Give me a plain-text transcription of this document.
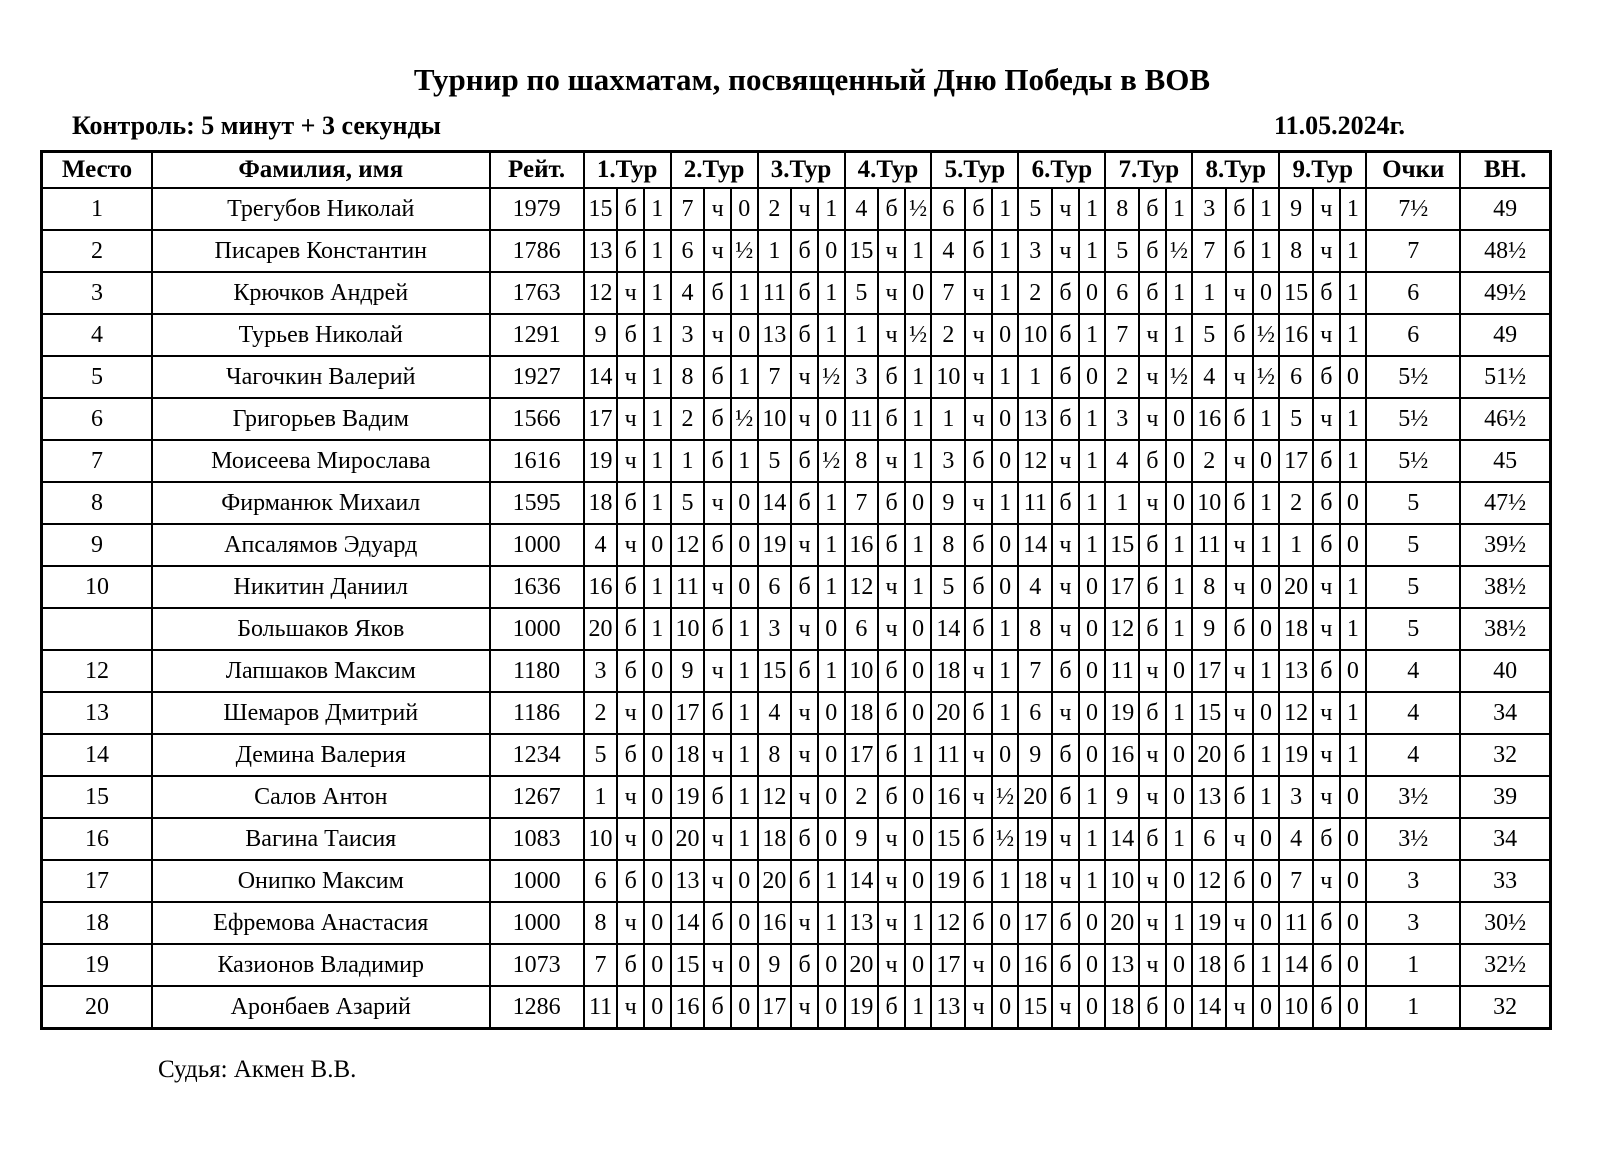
Турнир по шахматам, посвященный Дню Победы в ВОВ
Контроль: 5 минут + 3 секунды	11.05.2024г.
Место	Фамилия, имя	Рейт.	1.Тур			2.Тур			3.Тур			4.Тур			5.Тур			6.Тур			7.Тур			8.Тур			9.Тур			Очки	ВН.
1	Трегубов Николай	1979	15	б	1	7	ч	0	2	ч	1	4	б	½	6	б	1	5	ч	1	8	б	1	3	б	1	9	ч	1	7½	49
2	Писарев Константин	1786	13	б	1	6	ч	½	1	б	0	15	ч	1	4	б	1	3	ч	1	5	б	½	7	б	1	8	ч	1	7	48½
3	Крючков Андрей	1763	12	ч	1	4	б	1	11	б	1	5	ч	0	7	ч	1	2	б	0	6	б	1	1	ч	0	15	б	1	6	49½
4	Турьев Николай	1291	9	б	1	3	ч	0	13	б	1	1	ч	½	2	ч	0	10	б	1	7	ч	1	5	б	½	16	ч	1	6	49
5	Чагочкин Валерий	1927	14	ч	1	8	б	1	7	ч	½	3	б	1	10	ч	1	1	б	0	2	ч	½	4	ч	½	6	б	0	5½	51½
6	Григорьев Вадим	1566	17	ч	1	2	б	½	10	ч	0	11	б	1	1	ч	0	13	б	1	3	ч	0	16	б	1	5	ч	1	5½	46½
7	Моисеева Мирослава	1616	19	ч	1	1	б	1	5	б	½	8	ч	1	3	б	0	12	ч	1	4	б	0	2	ч	0	17	б	1	5½	45
8	Фирманюк Михаил	1595	18	б	1	5	ч	0	14	б	1	7	б	0	9	ч	1	11	б	1	1	ч	0	10	б	1	2	б	0	5	47½
9	Апсалямов Эдуард	1000	4	ч	0	12	б	0	19	ч	1	16	б	1	8	б	0	14	ч	1	15	б	1	11	ч	1	1	б	0	5	39½
10	Никитин Даниил	1636	16	б	1	11	ч	0	6	б	1	12	ч	1	5	б	0	4	ч	0	17	б	1	8	ч	0	20	ч	1	5	38½
	Большаков Яков	1000	20	б	1	10	б	1	3	ч	0	6	ч	0	14	б	1	8	ч	0	12	б	1	9	б	0	18	ч	1	5	38½
12	Лапшаков Максим	1180	3	б	0	9	ч	1	15	б	1	10	б	0	18	ч	1	7	б	0	11	ч	0	17	ч	1	13	б	0	4	40
13	Шемаров Дмитрий	1186	2	ч	0	17	б	1	4	ч	0	18	б	0	20	б	1	6	ч	0	19	б	1	15	ч	0	12	ч	1	4	34
14	Демина Валерия	1234	5	б	0	18	ч	1	8	ч	0	17	б	1	11	ч	0	9	б	0	16	ч	0	20	б	1	19	ч	1	4	32
15	Салов Антон	1267	1	ч	0	19	б	1	12	ч	0	2	б	0	16	ч	½	20	б	1	9	ч	0	13	б	1	3	ч	0	3½	39
16	Вагина Таисия	1083	10	ч	0	20	ч	1	18	б	0	9	ч	0	15	б	½	19	ч	1	14	б	1	6	ч	0	4	б	0	3½	34
17	Онипко Максим	1000	6	б	0	13	ч	0	20	б	1	14	ч	0	19	б	1	18	ч	1	10	ч	0	12	б	0	7	ч	0	3	33
18	Ефремова Анастасия	1000	8	ч	0	14	б	0	16	ч	1	13	ч	1	12	б	0	17	б	0	20	ч	1	19	ч	0	11	б	0	3	30½
19	Казионов Владимир	1073	7	б	0	15	ч	0	9	б	0	20	ч	0	17	ч	0	16	б	0	13	ч	0	18	б	1	14	б	0	1	32½
20	Аронбаев Азарий	1286	11	ч	0	16	б	0	17	ч	0	19	б	1	13	ч	0	15	ч	0	18	б	0	14	ч	0	10	б	0	1	32
Судья: Акмен В.В.
